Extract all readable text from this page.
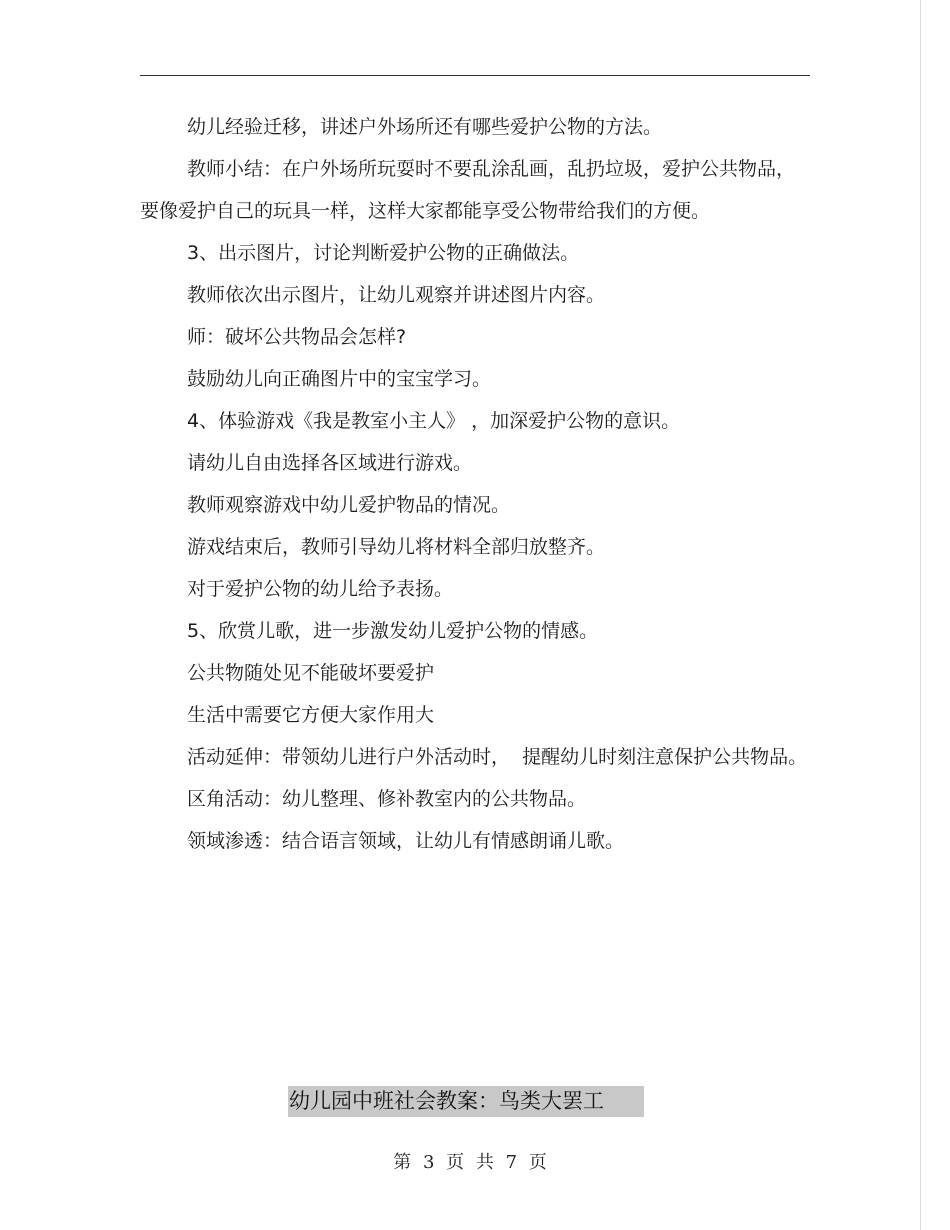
幼儿经验迁移，讲述户外场所还有哪些爱护公物的方法。

教师小结：在户外场所玩耍时不要乱涂乱画，乱扔垃圾，爱护公共物品，要像爱护自己的玩具一样，这样大家都能享受公物带给我们的方便。

3、出示图片，讨论判断爱护公物的正确做法。

教师依次出示图片，让幼儿观察并讲述图片内容。

师：破坏公共物品会怎样?

鼓励幼儿向正确图片中的宝宝学习。

4、体验游戏《我是教室小主人》 ，加深爱护公物的意识。

请幼儿自由选择各区域进行游戏。

教师观察游戏中幼儿爱护物品的情况。

游戏结束后，教师引导幼儿将材料全部归放整齐。

对于爱护公物的幼儿给予表扬。

5、欣赏儿歌，进一步激发幼儿爱护公物的情感。

公共物随处见不能破坏要爱护

生活中需要它方便大家作用大

活动延伸：带领幼儿进行户外活动时，  提醒幼儿时刻注意保护公共物品。

区角活动：幼儿整理、修补教室内的公共物品。

领域渗透：结合语言领域，让幼儿有情感朗诵儿歌。

幼儿园中班社会教案：鸟类大罢工
第 3 页 共 7 页
